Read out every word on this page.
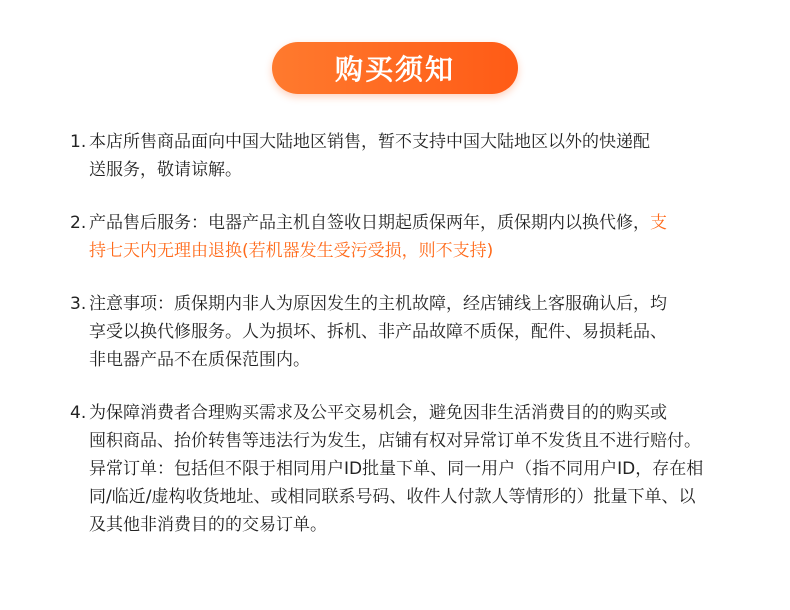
购买须知
1. 本店所售商品面向中国大陆地区销售，暂不支持中国大陆地区以外的快递配
送服务，敬请谅解。
2. 产品售后服务：电器产品主机自签收日期起质保两年，质保期内以换代修，支
持七天内无理由退换(若机器发生受污受损，则不支持)
3. 注意事项：质保期内非人为原因发生的主机故障，经店铺线上客服确认后，均
享受以换代修服务。人为损坏、拆机、非产品故障不质保，配件、易损耗品、
非电器产品不在质保范围内。
4. 为保障消费者合理购买需求及公平交易机会，避免因非生活消费目的的购买或
囤积商品、抬价转售等违法行为发生，店铺有权对异常订单不发货且不进行赔付。
异常订单：包括但不限于相同用户ID批量下单、同一用户（指不同用户ID，存在相
同/临近/虚构收货地址、或相同联系号码、收件人付款人等情形的）批量下单、以
及其他非消费目的的交易订单。
